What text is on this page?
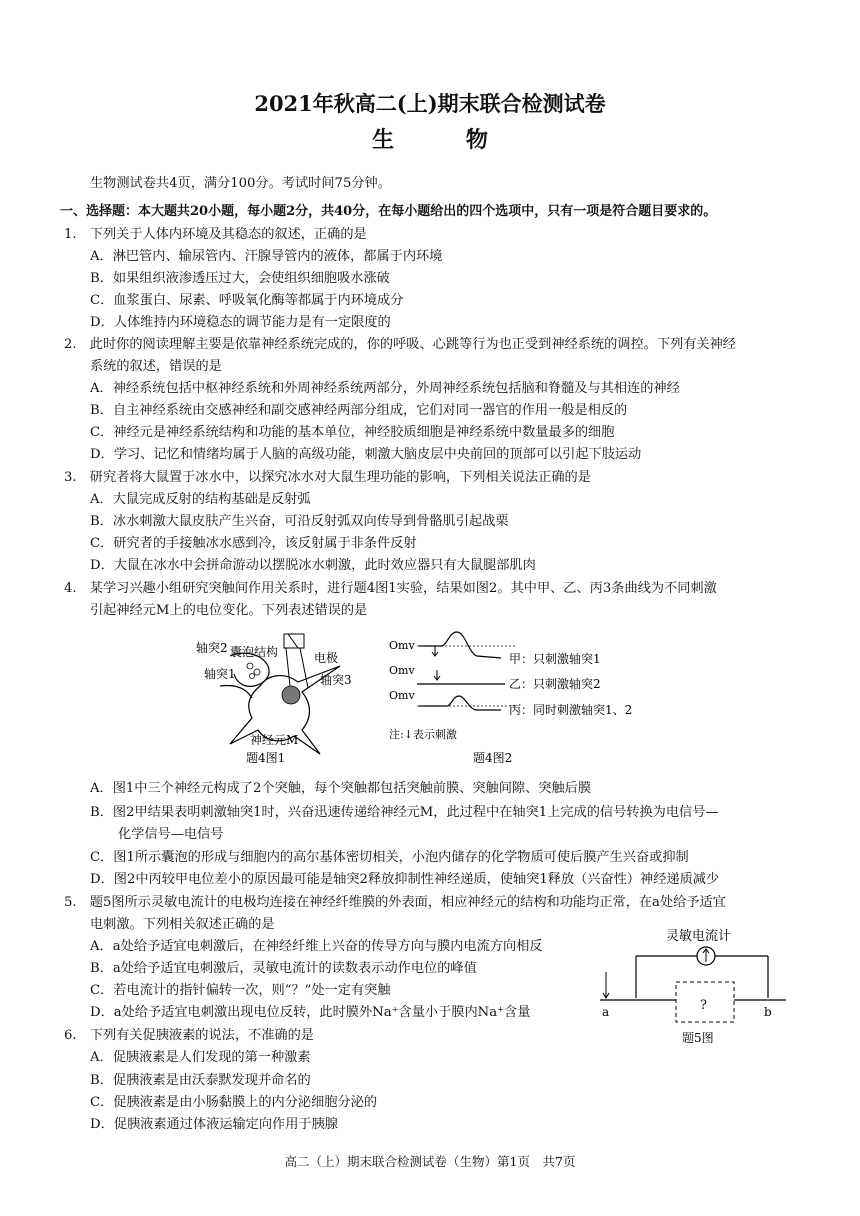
2021年秋高二(上)期末联合检测试卷
生 物
生物测试卷共4页，满分100分。考试时间75分钟。
一、选择题：本大题共20小题，每小题2分，共40分，在每小题给出的四个选项中，只有一项是符合题目要求的。
1.　下列关于人体内环境及其稳态的叙述，正确的是
A．淋巴管内、输尿管内、汗腺导管内的液体，都属于内环境
B．如果组织液渗透压过大，会使组织细胞吸水涨破
C．血浆蛋白、尿素、呼吸氧化酶等都属于内环境成分
D．人体维持内环境稳态的调节能力是有一定限度的
2.　此时你的阅读理解主要是依靠神经系统完成的，你的呼吸、心跳等行为也正受到神经系统的调控。下列有关神经
系统的叙述，错误的是
A．神经系统包括中枢神经系统和外周神经系统两部分，外周神经系统包括脑和脊髓及与其相连的神经
B．自主神经系统由交感神经和副交感神经两部分组成，它们对同一器官的作用一般是相反的
C．神经元是神经系统结构和功能的基本单位，神经胶质细胞是神经系统中数量最多的细胞
D．学习、记忆和情绪均属于人脑的高级功能，刺激大脑皮层中央前回的顶部可以引起下肢运动
3.　研究者将大鼠置于冰水中，以探究冰水对大鼠生理功能的影响，下列相关说法正确的是
A．大鼠完成反射的结构基础是反射弧
B．冰水刺激大鼠皮肤产生兴奋，可沿反射弧双向传导到骨骼肌引起战栗
C．研究者的手接触冰水感到冷，该反射属于非条件反射
D．大鼠在冰水中会拼命游动以摆脱冰水刺激，此时效应器只有大鼠腿部肌肉
4.　某学习兴趣小组研究突触间作用关系时，进行题4图1实验，结果如图2。其中甲、乙、丙3条曲线为不同刺激
引起神经元M上的电位变化。下列表述错误的是
轴突2 囊泡结构	电极
轴突1	轴突3
神经元M
题4图1
Omv
甲：只刺激轴突1
Omv
乙：只刺激轴突2
Omv
丙：同时刺激轴突1、2
注:↓表示刺激
题4图2
A．图1中三个神经元构成了2个突触，每个突触都包括突触前膜、突触间隙、突触后膜
B．图2甲结果表明刺激轴突1时，兴奋迅速传递给神经元M，此过程中在轴突1上完成的信号转换为电信号—
化学信号—电信号
C．图1所示囊泡的形成与细胞内的高尔基体密切相关，小泡内储存的化学物质可使后膜产生兴奋或抑制
D．图2中丙较甲电位差小的原因最可能是轴突2释放抑制性神经递质，使轴突1释放（兴奋性）神经递质减少
5.　题5图所示灵敏电流计的电极均连接在神经纤维膜的外表面，相应神经元的结构和功能均正常，在a处给予适宜
电刺激。下列相关叙述正确的是
A．a处给予适宜电刺激后，在神经纤维上兴奋的传导方向与膜内电流方向相反
B．a处给予适宜电刺激后，灵敏电流计的读数表示动作电位的峰值
C．若电流计的指针偏转一次，则“？”处一定有突触
D．a处给予适宜电刺激出现电位反转，此时膜外Na⁺含量小于膜内Na⁺含量
灵敏电流计
?
a	b
题5图
6.　下列有关促胰液素的说法，不准确的是
A．促胰液素是人们发现的第一种激素
B．促胰液素是由沃泰默发现并命名的
C．促胰液素是由小肠黏膜上的内分泌细胞分泌的
D．促胰液素通过体液运输定向作用于胰腺
高二（上）期末联合检测试卷（生物）第1页　共7页
